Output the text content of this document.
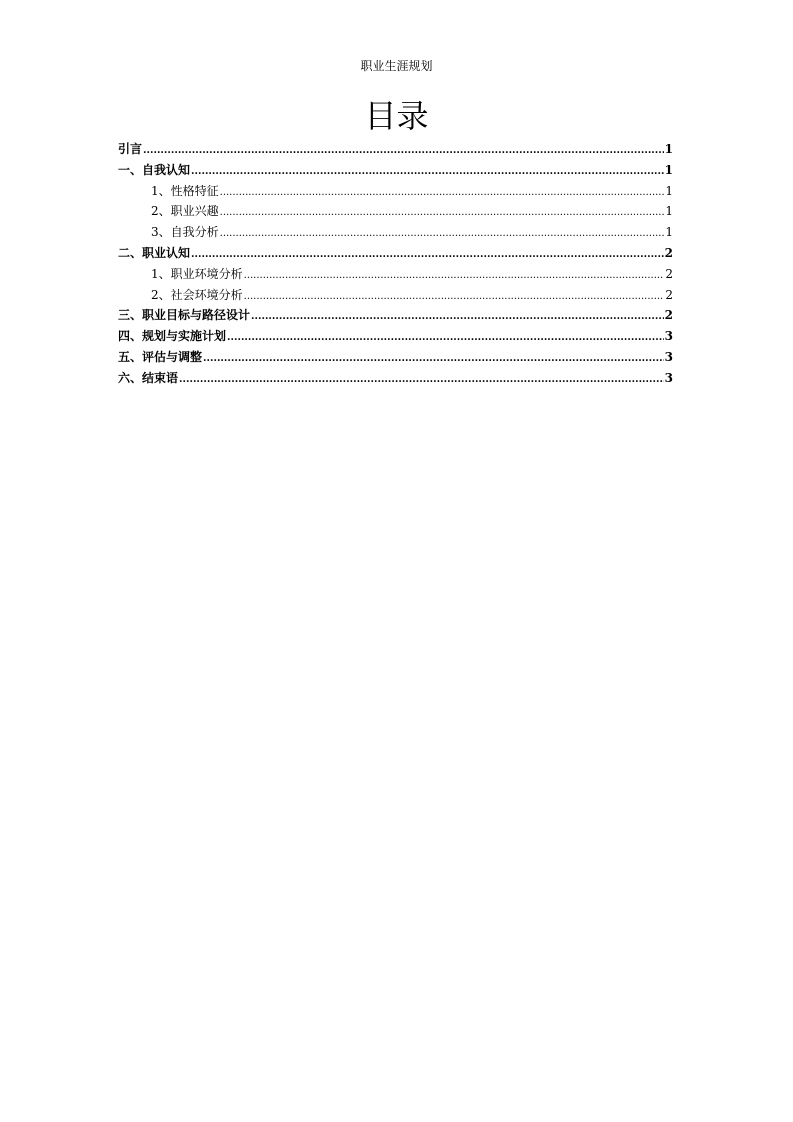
职业生涯规划
目录
引言 .....	1
一、自我认知 .....	1
1、性格特征 .....	1
2、职业兴趣 .....	1
3、自我分析 .....	1
二、职业认知 .....	2
1、职业环境分析 .....	2
2、社会环境分析 .....	2
三、职业目标与路径设计 .....	2
四、规划与实施计划 .....	3
五、评估与调整 .....	3
六、结束语 .....	3
